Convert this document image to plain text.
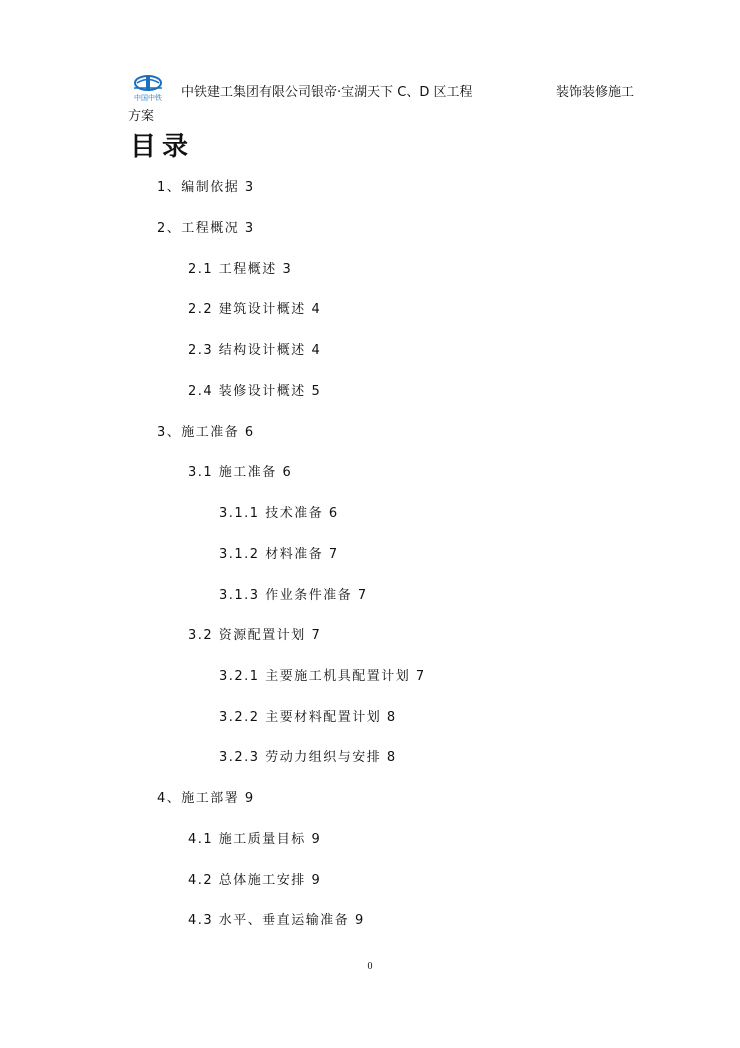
中国中铁 中铁建工集团有限公司银帝·宝湖天下 C、D 区工程	装饰装修施工
方案
目录
1、编制依据 3
2、工程概况 3
2.1 工程概述 3
2.2 建筑设计概述 4
2.3 结构设计概述 4
2.4 装修设计概述 5
3、施工准备 6
3.1 施工准备 6
3.1.1 技术准备 6
3.1.2 材料准备 7
3.1.3 作业条件准备 7
3.2 资源配置计划 7
3.2.1 主要施工机具配置计划 7
3.2.2 主要材料配置计划 8
3.2.3 劳动力组织与安排 8
4、施工部署 9
4.1 施工质量目标 9
4.2 总体施工安排 9
4.3 水平、垂直运输准备 9
0
